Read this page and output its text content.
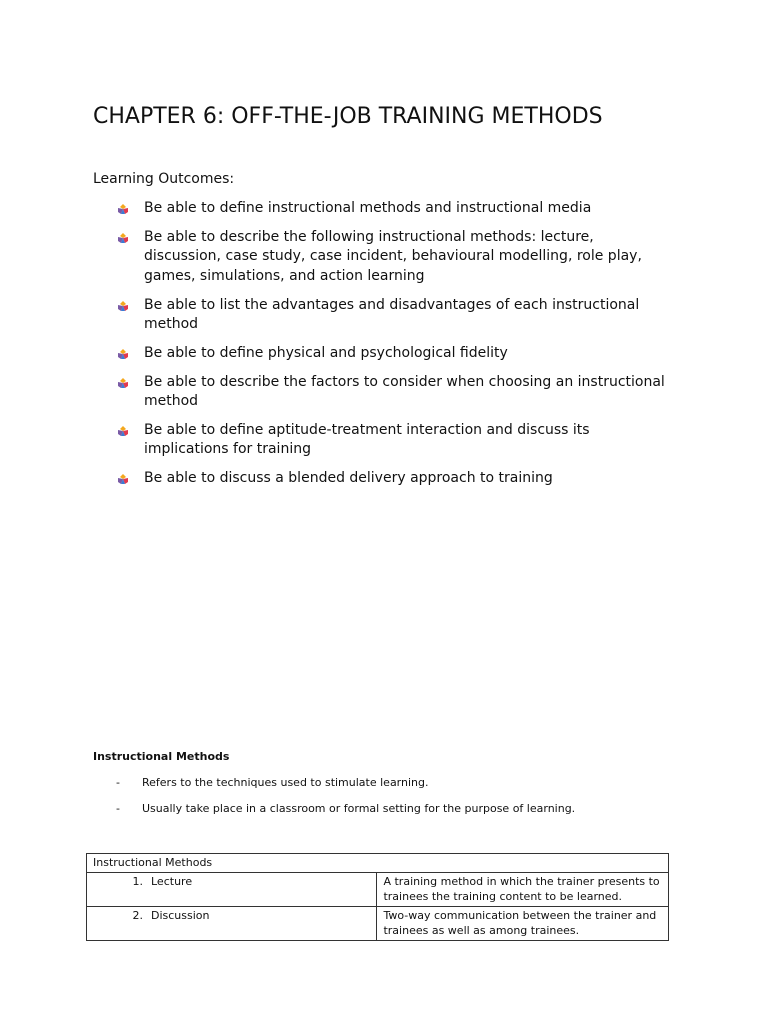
CHAPTER 6: OFF-THE-JOB TRAINING METHODS
Learning Outcomes:
Be able to define instructional methods and instructional media
Be able to describe the following instructional methods: lecture, discussion, case study, case incident, behavioural modelling, role play, games, simulations, and action learning
Be able to list the advantages and disadvantages of each instructional method
Be able to define physical and psychological fidelity
Be able to describe the factors to consider when choosing an instructional method
Be able to define aptitude-treatment interaction and discuss its implications for training
Be able to discuss a blended delivery approach to training
Instructional Methods
- Refers to the techniques used to stimulate learning.
- Usually take place in a classroom or formal setting for the purpose of learning.
Instructional Methods	
1. Lecture	A training method in which the trainer presents to trainees the training content to be learned.
2. Discussion	Two-way communication between the trainer and trainees as well as among trainees.
